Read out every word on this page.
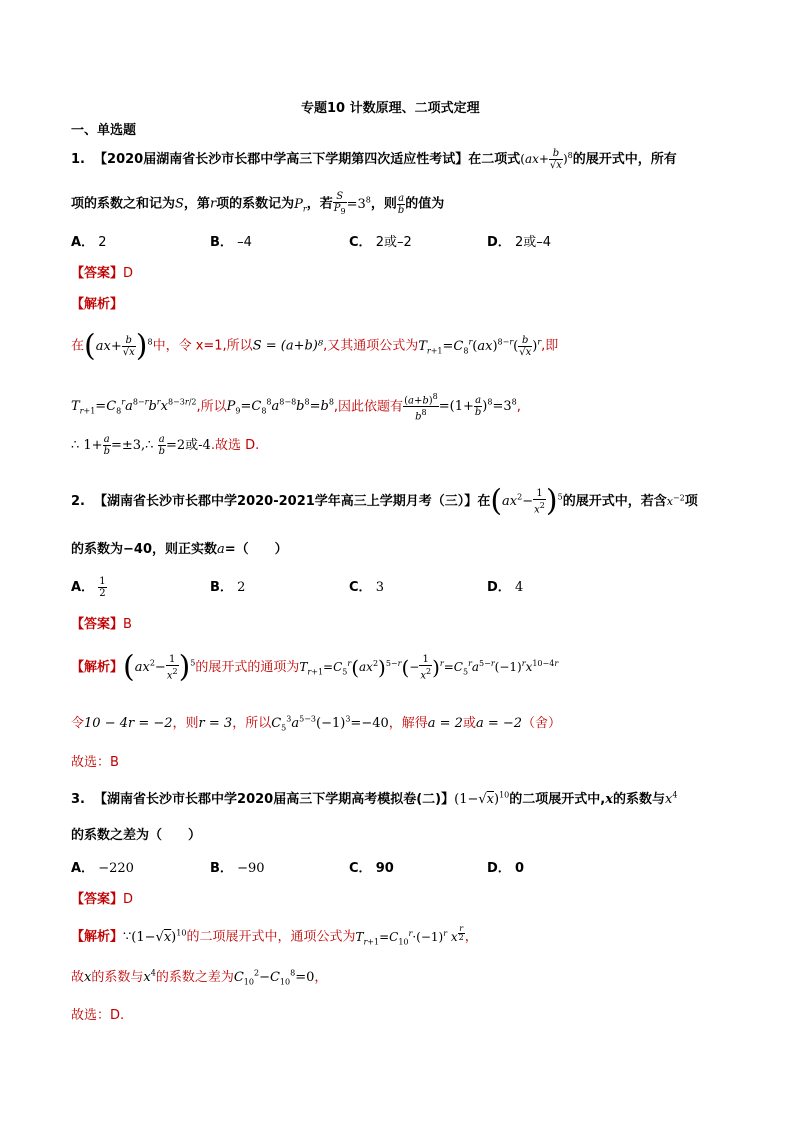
专题10 计数原理、二项式定理
一、单选题
1. 【2020届湖南省长沙市长郡中学高三下学期第四次适应性考试】在二项式$(ax+ \frac{b}{√x} )^8$的展开式中，所有
项的系数之和记为S，第r项的系数记为$P_r$，若 $\frac{S}{P_9} =3^8$，则 $\frac{a}{b}$ 的值为
A． 2	B． –4	C． 2或–2	D． 2或–4
【答案】D
【解析】
在$(ax+ \frac{b}{√x} )^8$中，令 x=1,所以S = (a+b)⁸,又其通项公式为$T_{r+1}=C_8^r(ax)^{8-r}( \frac{b}{√x} )^r$,即
$T_{r+1}=C_8^ra^{8-r}b^rx^{8-3r/2}$,所以$P_9=C_8^8a^{8-8}b^8=b^8$,因此依题有 $\frac{(a+b)^8}{b^8} =(1+ \frac{a}{b} )^8=3^8$,
∴ $1+ \frac{a}{b}$ =±3,∴ $\frac{a}{b} =2$或-4.故选 D.
2. 【湖南省长沙市长郡中学2020-2021学年高三上学期月考（三）】在$(ax^2- \frac{1}{x^2} )^5$的展开式中，若含$x^{-2}$项
的系数为−40，则正实数a=（　　）
A． $\frac{1}{2}$	B． 2	C． 3	D． 4
【答案】B
【解析】$(ax^2- \frac{1}{x^2} )^5$的展开式的通项为$T_{r+1}=C_5^r(ax^2)^{5-r}(- \frac{1}{x^2} )^r=C_5^ra^{5-r}(-1)^rx^{10-4r}$
令10 − 4r = −2，则r = 3，所以$C_5^3a^{5-3}(-1)^3=-40$，解得a = 2或a = −2（舍）
故选：B
3. 【湖南省长沙市长郡中学2020届高三下学期高考模拟卷(二)】$(1-√x)^{10}$的二项展开式中,x的系数与$x^4$
的系数之差为（　　）
A． −220	B． −90	C． 90	D． 0
【答案】D
【解析】$\because(1-√x)^{10}$的二项展开式中，通项公式为$T_{r+1}=C_{10}^r\cdot(-1)^r$ x $^{\frac{r}{2}}$ ，
故x的系数与$x^4$的系数之差为$C_{10}^2-C_{10}^8=0$，
故选：D.
